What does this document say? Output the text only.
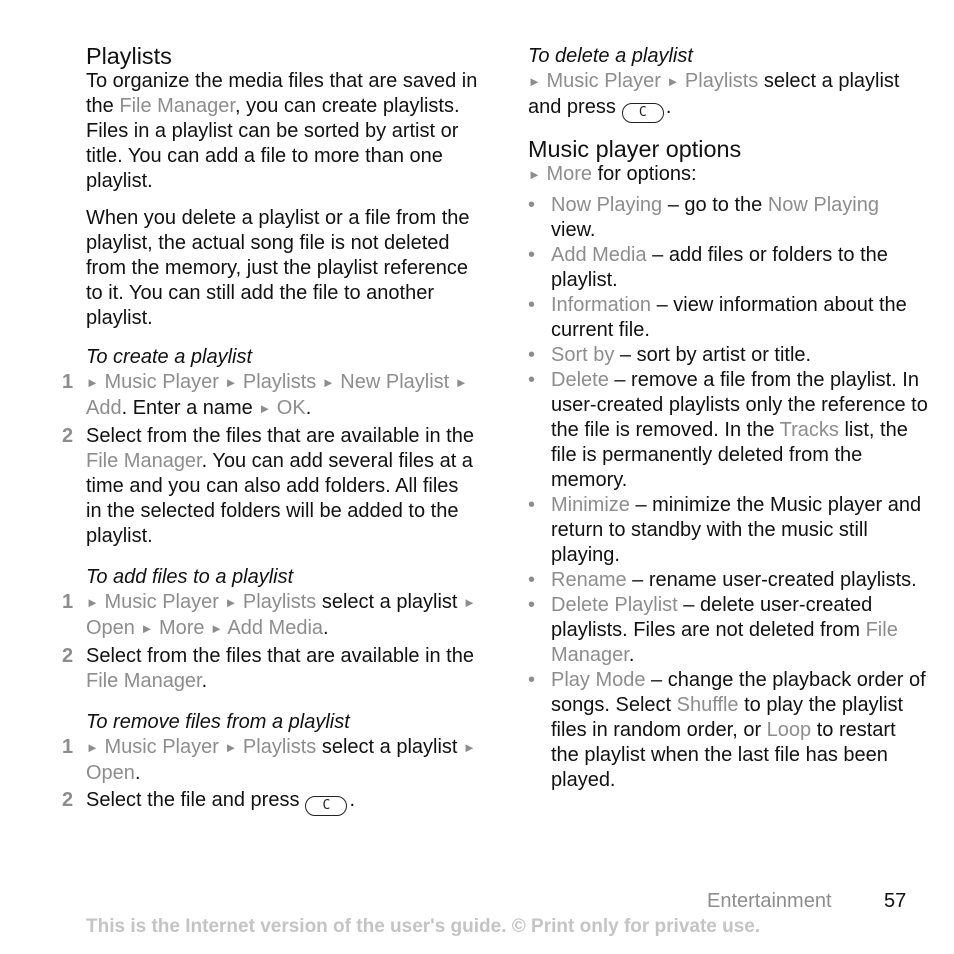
Playlists

To organize the media files that are saved in the File Manager, you can create playlists. Files in a playlist can be sorted by artist or title. You can add a file to more than one playlist.

When you delete a playlist or a file from the playlist, the actual song file is not deleted from the memory, just the playlist reference to it. You can still add the file to another playlist.

To create a playlist
1 ► Music Player ► Playlists ► New Playlist ► Add. Enter a name ► OK.
2 Select from the files that are available in the File Manager. You can add several files at a time and you can also add folders. All files in the selected folders will be added to the playlist.
To add files to a playlist
1 ► Music Player ► Playlists select a playlist ► Open ► More ► Add Media.
2 Select from the files that are available in the File Manager.
To remove files from a playlist
1 ► Music Player ► Playlists select a playlist ► Open.
2 Select the file and press C .
To delete a playlist

► Music Player ► Playlists select a playlist and press C .

Music player options

► More for options:

• Now Playing – go to the Now Playing view.
• Add Media – add files or folders to the playlist.
• Information – view information about the current file.
• Sort by – sort by artist or title.
• Delete – remove a file from the playlist. In user-created playlists only the reference to the file is removed. In the Tracks list, the file is permanently deleted from the memory.
• Minimize – minimize the Music player and return to standby with the music still playing.
• Rename – rename user-created playlists.
• Delete Playlist – delete user-created playlists. Files are not deleted from File Manager.
• Play Mode – change the playback order of songs. Select Shuffle to play the playlist files in random order, or Loop to restart the playlist when the last file has been played.
Entertainment	57
This is the Internet version of the user's guide. © Print only for private use.
